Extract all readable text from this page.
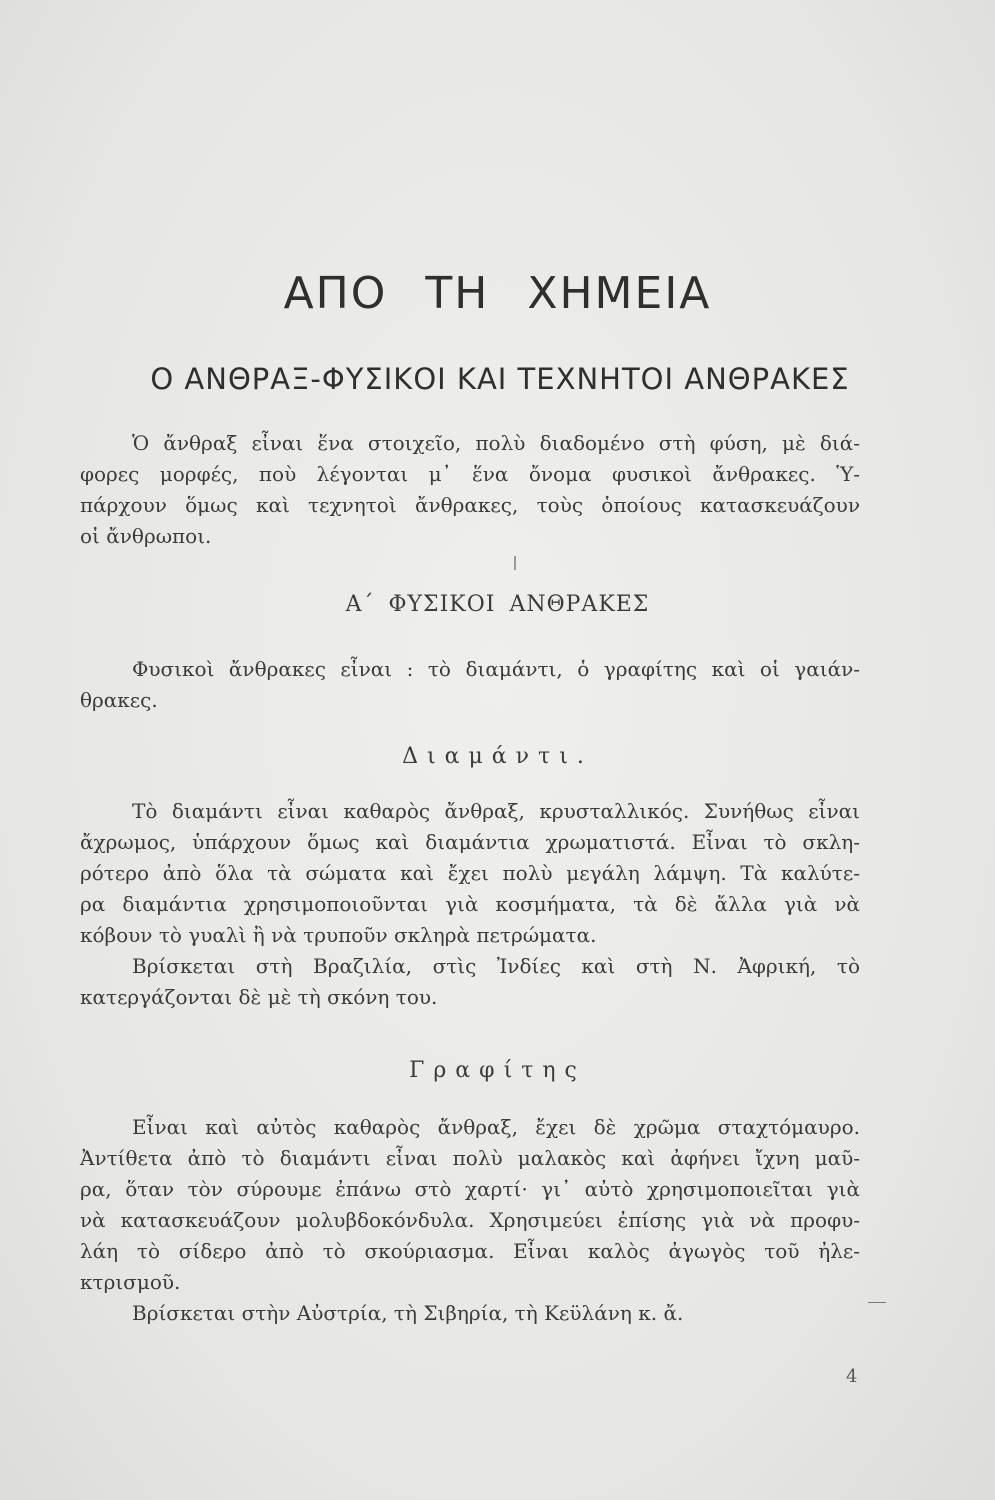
ΑΠΟ ΤΗ ΧΗΜΕΙΑ
Ο ΑΝΘΡΑΞ-ΦΥΣΙΚΟΙ ΚΑΙ ΤΕΧΝΗΤΟΙ ΑΝΘΡΑΚΕΣ
Ὁ ἄνθραξ εἶναι ἕνα στοιχεῖο, πολὺ διαδομένο στὴ φύση, μὲ διά-
φορες μορφές, ποὺ λέγονται μ᾽ ἕνα ὄνομα φυσικοὶ ἄνθρακες. Ὑ-
πάρχουν ὅμως καὶ τεχνητοὶ ἄνθρακες, τοὺς ὁποίους κατασκευάζουν
οἱ ἄνθρωποι.
Α΄ ΦΥΣΙΚΟΙ ΑΝΘΡΑΚΕΣ
Φυσικοὶ ἄνθρακες εἶναι : τὸ διαμάντι, ὁ γραφίτης καὶ οἱ γαιάν-
θρακες.
Διαμάντι.
Τὸ διαμάντι εἶναι καθαρὸς ἄνθραξ, κρυσταλλικός. Συνήθως εἶναι
ἄχρωμος, ὑπάρχουν ὅμως καὶ διαμάντια χρωματιστά. Εἶναι τὸ σκλη-
ρότερο ἀπὸ ὅλα τὰ σώματα καὶ ἔχει πολὺ μεγάλη λάμψη. Τὰ καλύτε-
ρα διαμάντια χρησιμοποιοῦνται γιὰ κοσμήματα, τὰ δὲ ἄλλα γιὰ νὰ
κόβουν τὸ γυαλὶ ἢ νὰ τρυποῦν σκληρὰ πετρώματα.
Βρίσκεται στὴ Βραζιλία, στὶς Ἰνδίες καὶ στὴ Ν. Ἀφρική, τὸ
κατεργάζονται δὲ μὲ τὴ σκόνη του.
Γραφίτης
Εἶναι καὶ αὐτὸς καθαρὸς ἄνθραξ, ἔχει δὲ χρῶμα σταχτόμαυρο.
Ἀντίθετα ἀπὸ τὸ διαμάντι εἶναι πολὺ μαλακὸς καὶ ἀφήνει ἴχνη μαῦ-
ρα, ὅταν τὸν σύρουμε ἐπάνω στὸ χαρτί· γι᾽ αὐτὸ χρησιμοποιεῖται γιὰ
νὰ κατασκευάζουν μολυβδοκόνδυλα. Χρησιμεύει ἐπίσης γιὰ νὰ προφυ-
λάη τὸ σίδερο ἀπὸ τὸ σκούριασμα. Εἶναι καλὸς ἀγωγὸς τοῦ ἠλε-
κτρισμοῦ.
Βρίσκεται στὴν Αὐστρία, τὴ Σιβηρία, τὴ Κεϋλάνη κ. ἄ.
4
